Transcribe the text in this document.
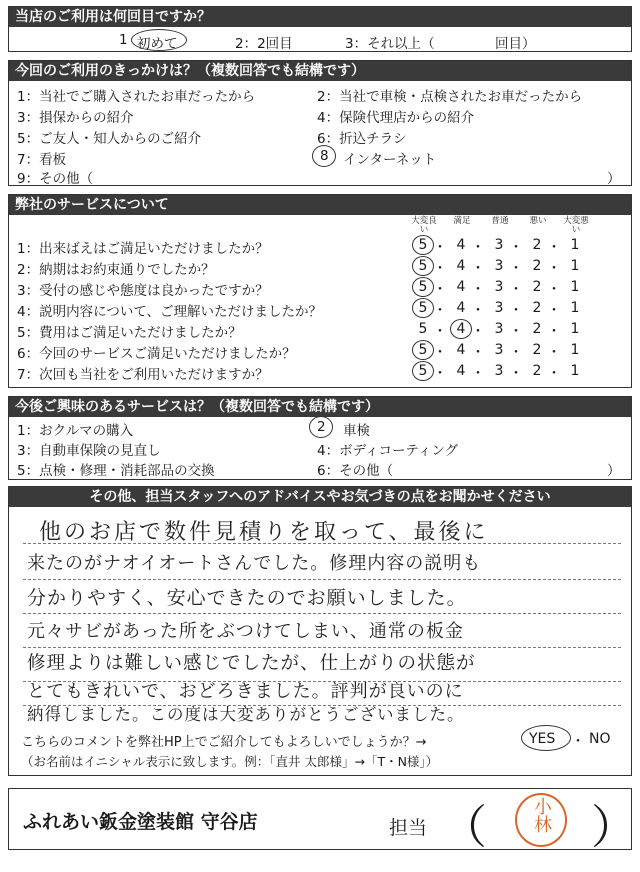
当店のご利用は何回目ですか？
1 初めて	2：2回目	3：それ以上（	回目）
今回のご利用のきっかけは？（複数回答でも結構です）
1：当社でご購入されたお車だったから	2：当社で車検・点検されたお車だったから
3：損保からの紹介	4：保険代理店からの紹介
5：ご友人・知人からのご紹介	6：折込チラシ
7：看板	8 インターネット
9：その他（	）
弊社のサービスについて
大変良い
満足	普通	悪い	大変悪い
1：出来ばえはご満足いただけましたか？	5 ・ 4 ・ 3 ・ 2 ・ 1
2：納期はお約束通りでしたか？	5 ・ 4 ・ 3 ・ 2 ・ 1
3：受付の感じや態度は良かったですか？	5 ・ 4 ・ 3 ・ 2 ・ 1
4：説明内容について、ご理解いただけましたか？	5 ・ 4 ・ 3 ・ 2 ・ 1
5：費用はご満足いただけましたか？	5 ・ 4 ・ 3 ・ 2 ・ 1
6：今回のサービスご満足いただけましたか？	5 ・ 4 ・ 3 ・ 2 ・ 1
7：次回も当社をご利用いただけますか？	5 ・ 4 ・ 3 ・ 2 ・ 1
今後ご興味のあるサービスは？（複数回答でも結構です）
1：おクルマの購入	2 車検
3：自動車保険の見直し	4：ボディコーティング
5：点検・修理・消耗部品の交換	6：その他（	）
その他、担当スタッフへのアドバイスやお気づきの点をお聞かせください
他のお店で数件見積りを取って、最後に
来たのがナオイオートさんでした。修理内容の説明も
分かりやすく、安心できたのでお願いしました。
元々サビがあった所をぶつけてしまい、通常の板金
修理よりは難しい感じでしたが、仕上がりの状態が
とてもきれいで、おどろきました。評判が良いのに
納得しました。この度は大変ありがとうございました。
こちらのコメントを弊社HP上でご紹介してもよろしいでしょうか？→	YES ・ NO
（お名前はイニシャル表示に致します。例：「直井 太郎様」→「T・N様」）
ふれあい鈑金塗装館 守谷店	担当 （	小林 ）
